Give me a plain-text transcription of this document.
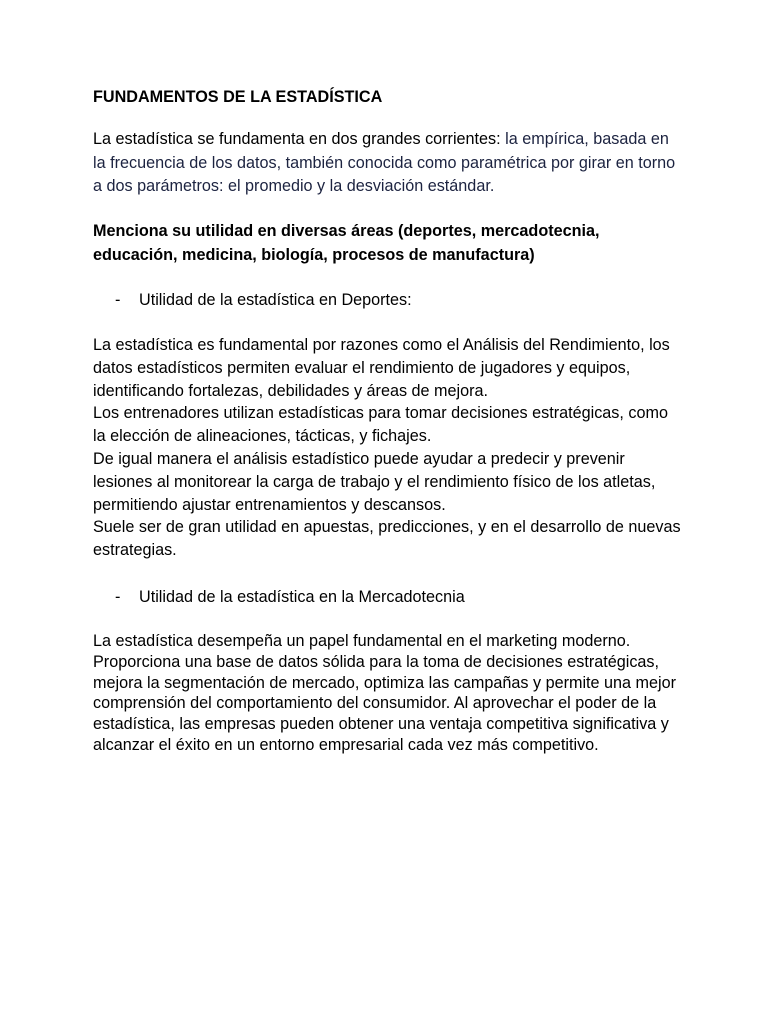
FUNDAMENTOS DE LA ESTADÍSTICA
La estadística se fundamenta en dos grandes corrientes: la empírica, basada en la frecuencia de los datos, también conocida como paramétrica por girar en torno a dos parámetros: el promedio y la desviación estándar.
Menciona su utilidad en diversas áreas (deportes, mercadotecnia, educación, medicina, biología, procesos de manufactura)
- Utilidad de la estadística en Deportes:

La estadística es fundamental por razones como el Análisis del Rendimiento, los datos estadísticos permiten evaluar el rendimiento de jugadores y equipos, identificando fortalezas, debilidades y áreas de mejora.

Los entrenadores utilizan estadísticas para tomar decisiones estratégicas, como la elección de alineaciones, tácticas, y fichajes.

De igual manera el análisis estadístico puede ayudar a predecir y prevenir lesiones al monitorear la carga de trabajo y el rendimiento físico de los atletas, permitiendo ajustar entrenamientos y descansos.

Suele ser de gran utilidad en apuestas, predicciones, y en el desarrollo de nuevas estrategias.

- Utilidad de la estadística en la Mercadotecnia

La estadística desempeña un papel fundamental en el marketing moderno. Proporciona una base de datos sólida para la toma de decisiones estratégicas, mejora la segmentación de mercado, optimiza las campañas y permite una mejor comprensión del comportamiento del consumidor. Al aprovechar el poder de la estadística, las empresas pueden obtener una ventaja competitiva significativa y alcanzar el éxito en un entorno empresarial cada vez más competitivo.
